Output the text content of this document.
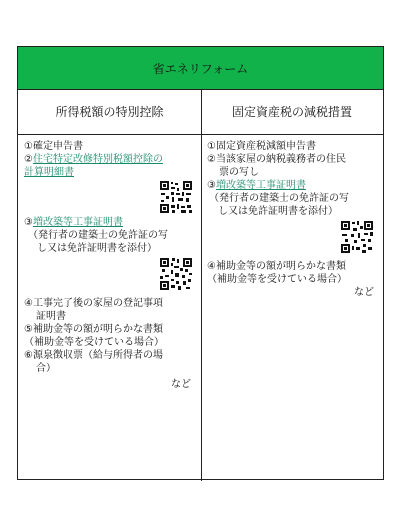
省エネリフォーム
所得税額の特別控除	固定資産税の減税措置

①確定申告書

②住宅特定改修特別税額控除の
計算明細書

③増改築等工事証明書

（発行者の建築士の免許証の写
し又は免許証明書を添付）

④工事完了後の家屋の登記事項
証明書

⑤補助金等の額が明らかな書類
（補助金等を受けている場合）

⑥源泉徴収票（給与所得者の場
合）

など

①固定資産税減額申告書

②当該家屋の納税義務者の住民
票の写し

③増改築等工事証明書

（発行者の建築士の免許証の写
し又は免許証明書を添付）

④補助金等の額が明らかな書類
（補助金等を受けている場合）

など
